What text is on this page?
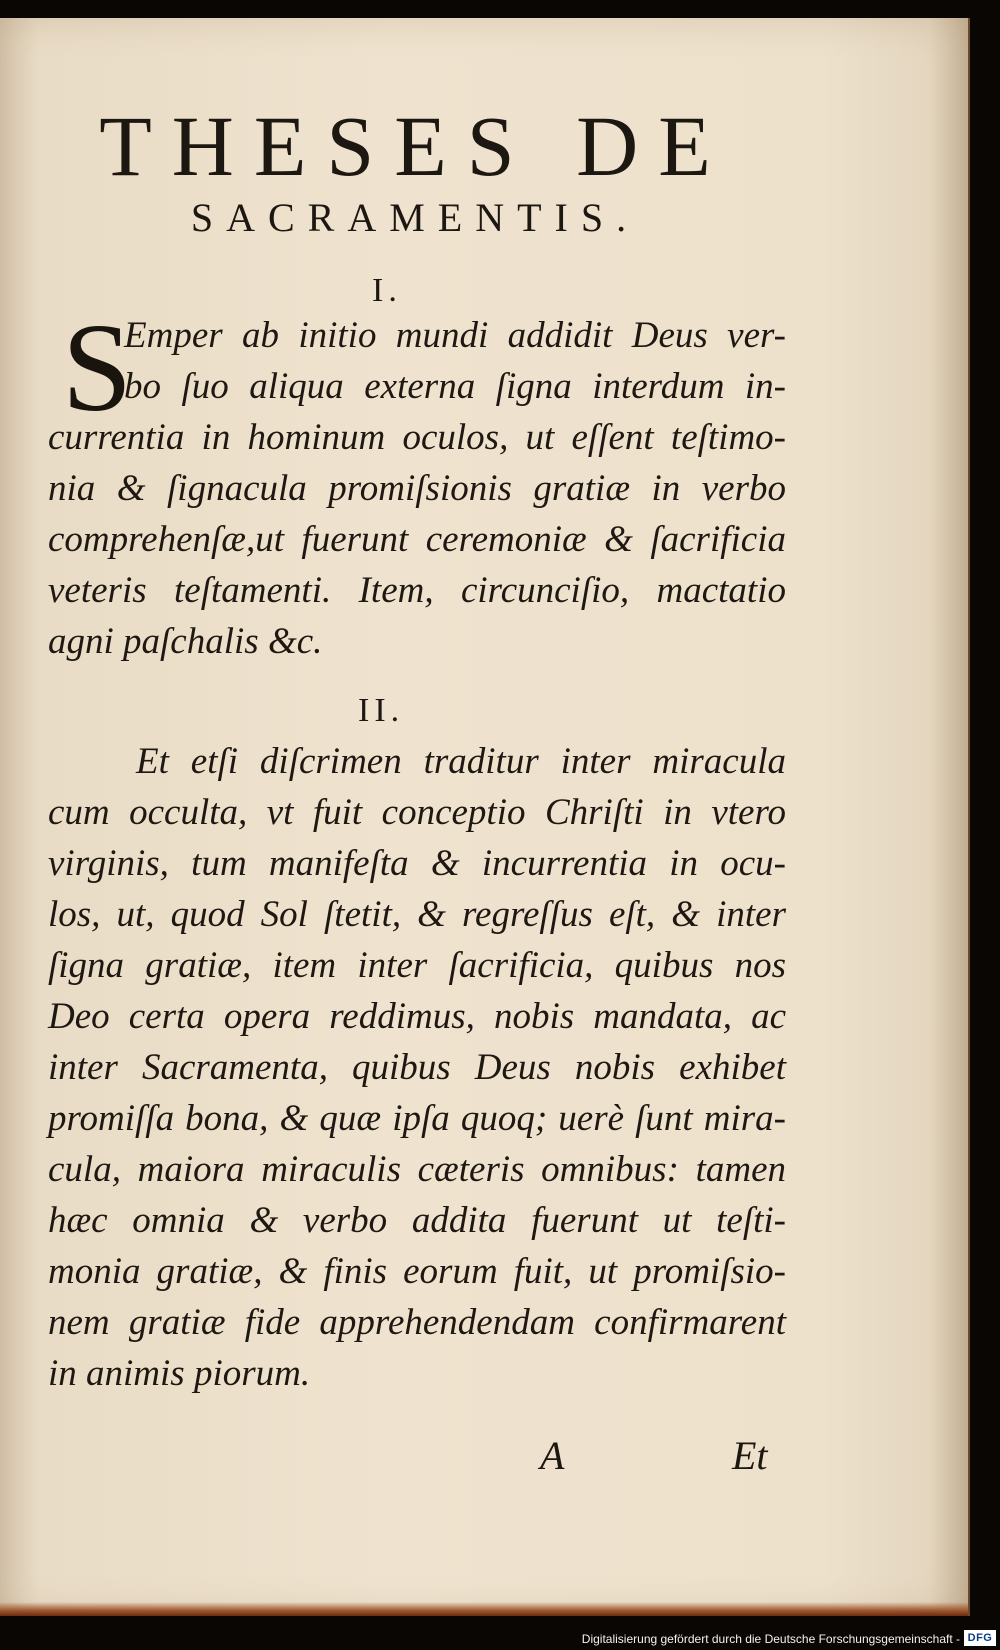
THESES DE
SACRAMENTIS.
I.
S
Emper ab initio mundi addidit Deus ver-
bo ſuo aliqua externa ſigna interdum in-
currentia in hominum oculos, ut eſſent teſtimo-
nia & ſignacula promiſsionis gratiæ in verbo
comprehenſæ,ut fuerunt ceremoniæ & ſacrificia
veteris teſtamenti. Item, circunciſio, mactatio
agni paſchalis &c.
II.
Et etſi diſcrimen traditur inter miracula
cum occulta, vt fuit conceptio Chriſti in vtero
virginis, tum manifeſta & incurrentia in ocu-
los, ut, quod Sol ſtetit, & regreſſus eſt, & inter
ſigna gratiæ, item inter ſacrificia, quibus nos
Deo certa opera reddimus, nobis mandata, ac
inter Sacramenta, quibus Deus nobis exhibet
promiſſa bona, & quæ ipſa quoq; uerè ſunt mira-
cula, maiora miraculis cæteris omnibus: tamen
hæc omnia & verbo addita fuerunt ut teſti-
monia gratiæ, & finis eorum fuit, ut promiſsio-
nem gratiæ fide apprehendendam confirmarent
in animis piorum.
A	Et
Digitalisierung gefördert durch die Deutsche Forschungsgemeinschaft - DFG
